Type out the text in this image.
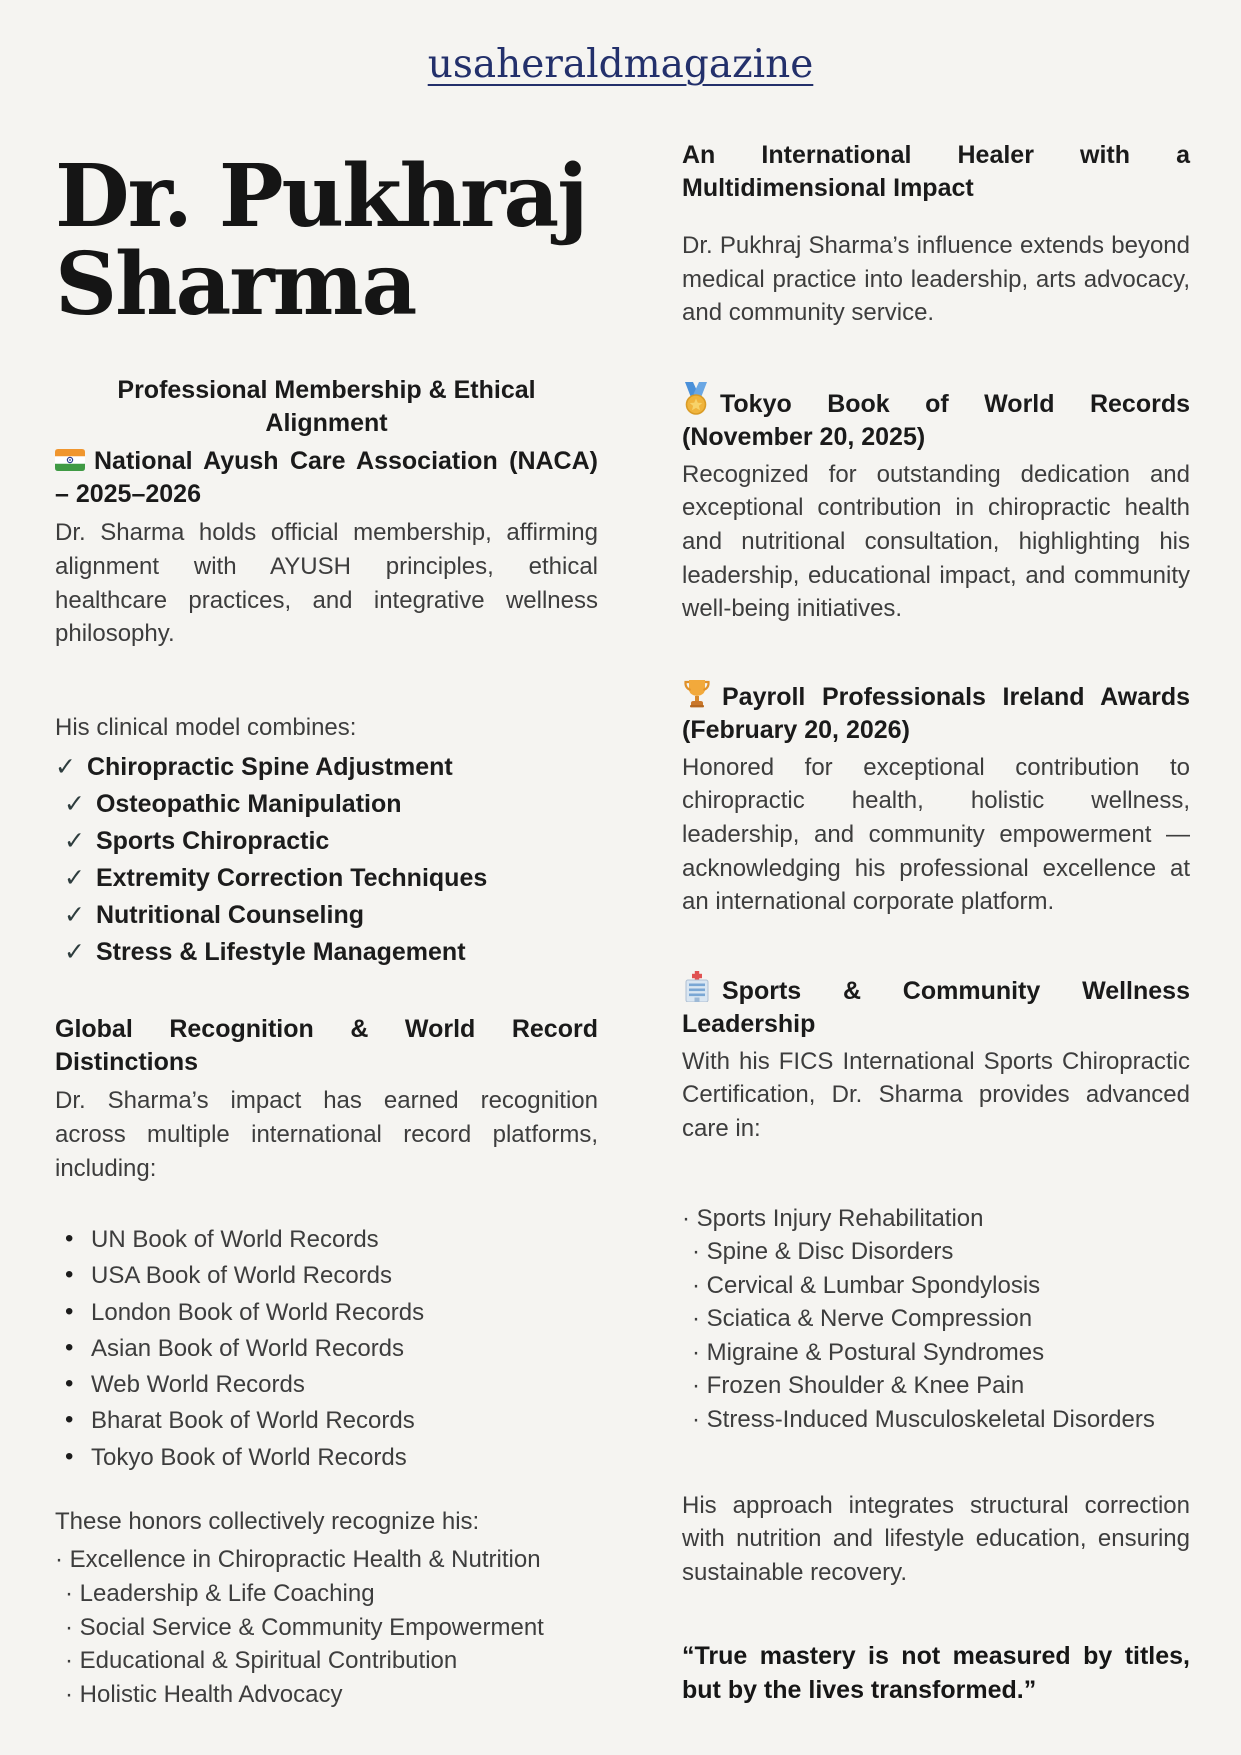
usaheraldmagazine
Dr. Pukhraj
Sharma
Professional Membership & Ethical Alignment

National Ayush Care Association (NACA) – 2025–2026

Dr. Sharma holds official membership, affirming alignment with AYUSH principles, ethical healthcare practices, and integrative wellness philosophy.

His clinical model combines:

✓ Chiropractic Spine Adjustment
✓ Osteopathic Manipulation
✓ Sports Chiropractic
✓ Extremity Correction Techniques
✓ Nutritional Counseling
✓ Stress & Lifestyle Management

Global Recognition & World Record Distinctions

Dr. Sharma’s impact has earned recognition across multiple international record platforms, including:

• UN Book of World Records
• USA Book of World Records
• London Book of World Records
• Asian Book of World Records
• Web World Records
• Bharat Book of World Records
• Tokyo Book of World Records

These honors collectively recognize his:

· Excellence in Chiropractic Health & Nutrition
· Leadership & Life Coaching
· Social Service & Community Empowerment
· Educational & Spiritual Contribution
· Holistic Health Advocacy

An International Healer with a Multidimensional Impact

Dr. Pukhraj Sharma’s influence extends beyond medical practice into leadership, arts advocacy, and community service.

Tokyo Book of World Records (November 20, 2025)

Recognized for outstanding dedication and exceptional contribution in chiropractic health and nutritional consultation, highlighting his leadership, educational impact, and community well-being initiatives.

Payroll Professionals Ireland Awards (February 20, 2026)

Honored for exceptional contribution to chiropractic health, holistic wellness, leadership, and community empowerment — acknowledging his professional excellence at an international corporate platform.

Sports & Community Wellness Leadership

With his FICS International Sports Chiropractic Certification, Dr. Sharma provides advanced care in:

· Sports Injury Rehabilitation
· Spine & Disc Disorders
· Cervical & Lumbar Spondylosis
· Sciatica & Nerve Compression
· Migraine & Postural Syndromes
· Frozen Shoulder & Knee Pain
· Stress-Induced Musculoskeletal Disorders

His approach integrates structural correction with nutrition and lifestyle education, ensuring sustainable recovery.

“True mastery is not measured by titles, but by the lives transformed.”
